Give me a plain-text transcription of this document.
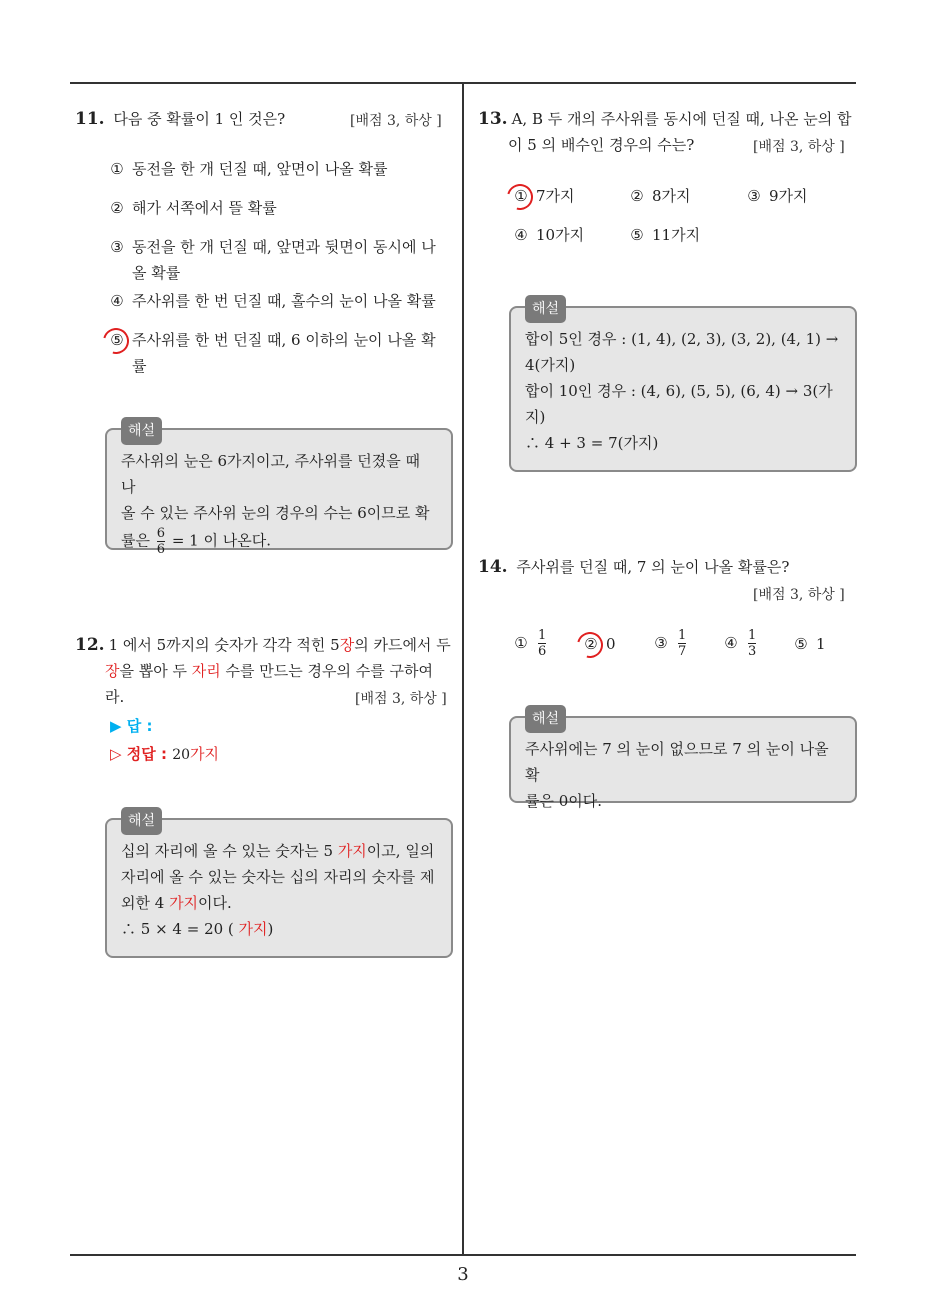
11. 다음 중 확률이 1 인 것은?	[배점 3, 하상 ]
① 동전을 한 개 던질 때, 앞면이 나올 확률
② 해가 서쪽에서 뜰 확률
③ 동전을 한 개 던질 때, 앞면과 뒷면이 동시에 나
올 확률
④ 주사위를 한 번 던질 때, 홀수의 눈이 나올 확률
⑤ 주사위를 한 번 던질 때, 6 이하의 눈이 나올 확
률
해설
주사위의 눈은 6가지이고, 주사위를 던졌을 때 나
올 수 있는 주사위 눈의 경우의 수는 6이므로 확
률은 $\frac{6}{6} = 1$ 이 나온다.
12. 1 에서 5까지의 숫자가 각각 적힌 5장의 카드에서 두
장을 뽑아 두 자리 수를 만드는 경우의 수를 구하여
라.	[배점 3, 하상 ]
▶ 답 :
▷ 정답 : 20가지
해설
십의 자리에 올 수 있는 숫자는 5 가지이고, 일의
자리에 올 수 있는 숫자는 십의 자리의 숫자를 제
외한 4 가지이다.
∴ 5 × 4 = 20 ( 가지)
13. A, B 두 개의 주사위를 동시에 던질 때, 나온 눈의 합
이 5 의 배수인 경우의 수는?	[배점 3, 하상 ]
① 7가지	② 8가지	③ 9가지
④ 10가지	⑤ 11가지
해설
합이 5인 경우 : (1, 4), (2, 3), (3, 2), (4, 1) →
4(가지)
합이 10인 경우 : (4, 6), (5, 5), (6, 4) → 3(가
지)
∴ 4 + 3 = 7(가지)
14. 주사위를 던질 때, 7 의 눈이 나올 확률은?
[배점 3, 하상 ]
① $\frac{1}{6}$	② 0	③ $\frac{1}{7}$	④ $\frac{1}{3}$	⑤ 1
해설
주사위에는 7 의 눈이 없으므로 7 의 눈이 나올 확
률은 0이다.
3
